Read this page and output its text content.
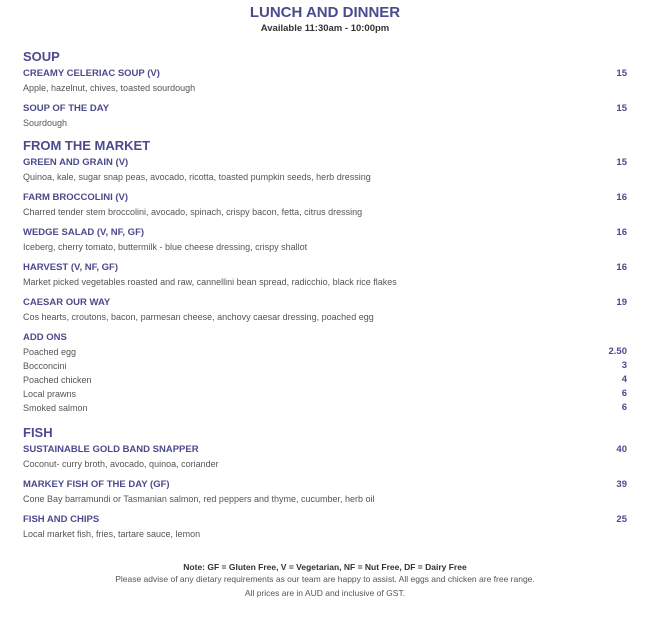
LUNCH AND DINNER
Available 11:30am - 10:00pm
SOUP
CREAMY CELERIAC SOUP (V)	15
Apple, hazelnut, chives, toasted sourdough
SOUP OF THE DAY	15
Sourdough
FROM THE MARKET
GREEN AND GRAIN (V)	15
Quinoa, kale, sugar snap peas, avocado, ricotta, toasted pumpkin seeds, herb dressing
FARM BROCCOLINI (V)	16
Charred tender stem broccolini, avocado, spinach, crispy bacon, fetta, citrus dressing
WEDGE SALAD (V, NF, GF)	16
Iceberg, cherry tomato, buttermilk - blue cheese dressing, crispy shallot
HARVEST (V, NF, GF)	16
Market picked vegetables roasted and raw, cannellini bean spread, radicchio, black rice flakes
CAESAR OUR WAY	19
Cos hearts, croutons, bacon, parmesan cheese, anchovy caesar dressing, poached egg
ADD ONS
Poached egg	2.50
Bocconcini	3
Poached chicken	4
Local prawns	6
Smoked salmon	6
FISH
SUSTAINABLE GOLD BAND SNAPPER	40
Coconut- curry broth, avocado, quinoa, coriander
MARKEY FISH OF THE DAY (GF)	39
Cone Bay barramundi or Tasmanian salmon, red peppers and thyme, cucumber, herb oil
FISH AND CHIPS	25
Local market fish, fries, tartare sauce, lemon
Note: GF = Gluten Free, V = Vegetarian, NF = Nut Free, DF = Dairy Free
Please advise of any dietary requirements as our team are happy to assist. All eggs and chicken are free range.
All prices are in AUD and inclusive of GST.
